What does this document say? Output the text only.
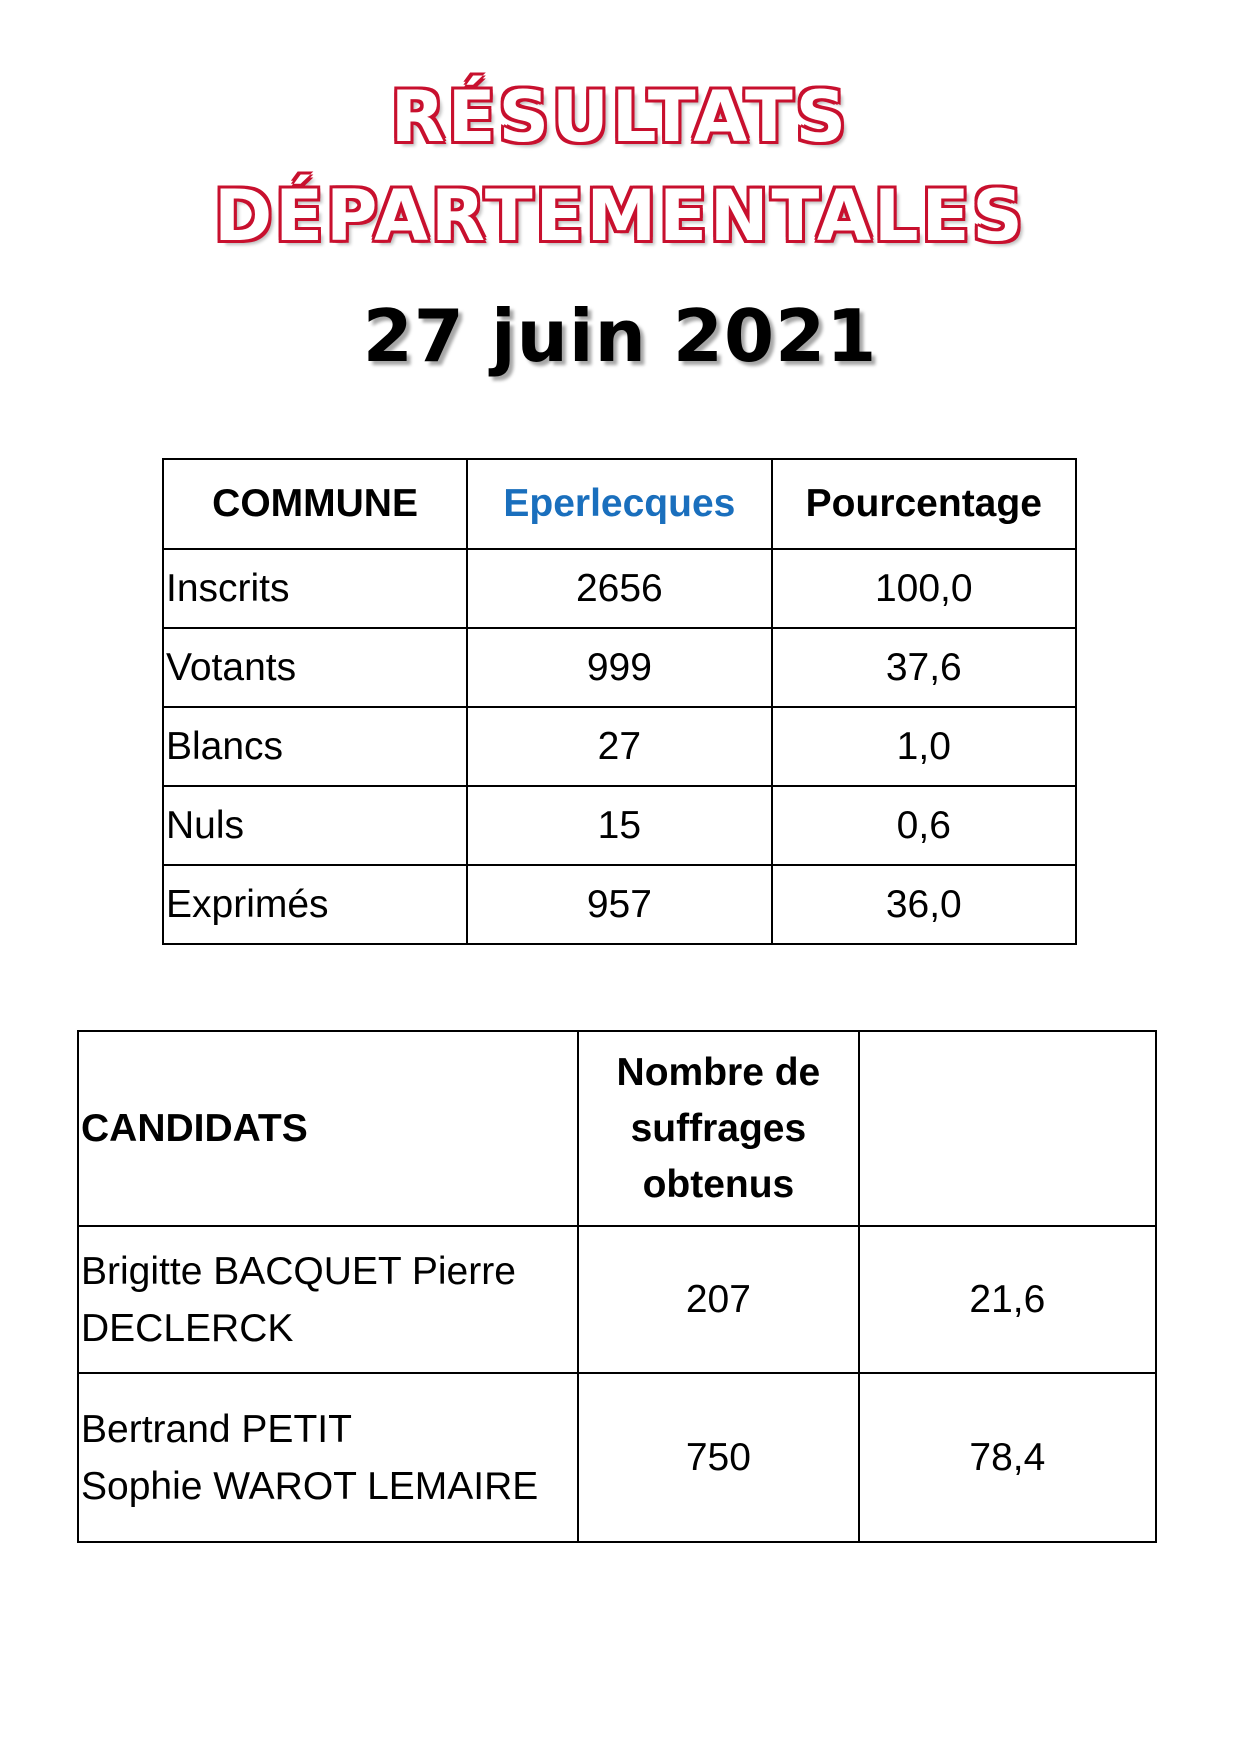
RÉSULTATS
DÉPARTEMENTALES
27 juin 2021
COMMUNE	Eperlecques	Pourcentage
Inscrits	2656	100,0
Votants	999	37,6
Blancs	27	1,0
Nuls	15	0,6
Exprimés	957	36,0
CANDIDATS	Nombre de
suffrages
obtenus	

Brigitte BACQUET Pierre
DECLERCK	207	21,6

Bertrand PETIT
Sophie WAROT LEMAIRE	750	78,4
